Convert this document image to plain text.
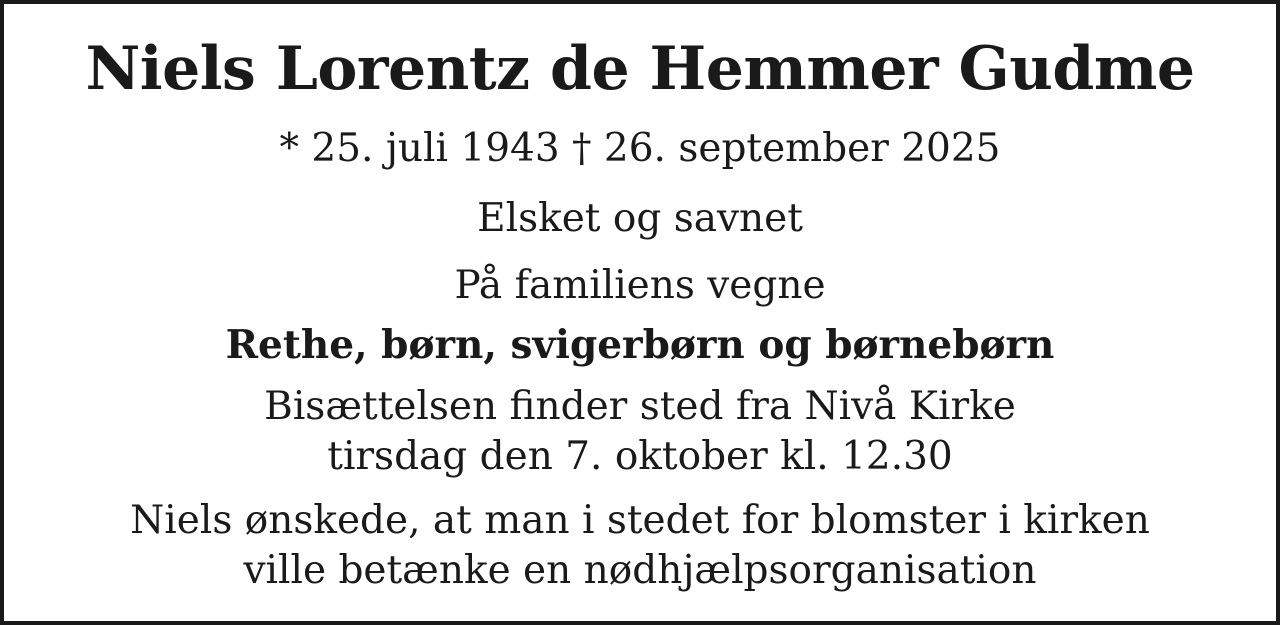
Niels Lorentz de Hemmer Gudme

* 25. juli 1943 † 26. september 2025

Elsket og savnet

På familiens vegne

Rethe, børn, svigerbørn og børnebørn

Bisættelsen finder sted fra Nivå Kirke
tirsdag den 7. oktober kl. 12.30

Niels ønskede, at man i stedet for blomster i kirken
ville betænke en nødhjælpsorganisation
